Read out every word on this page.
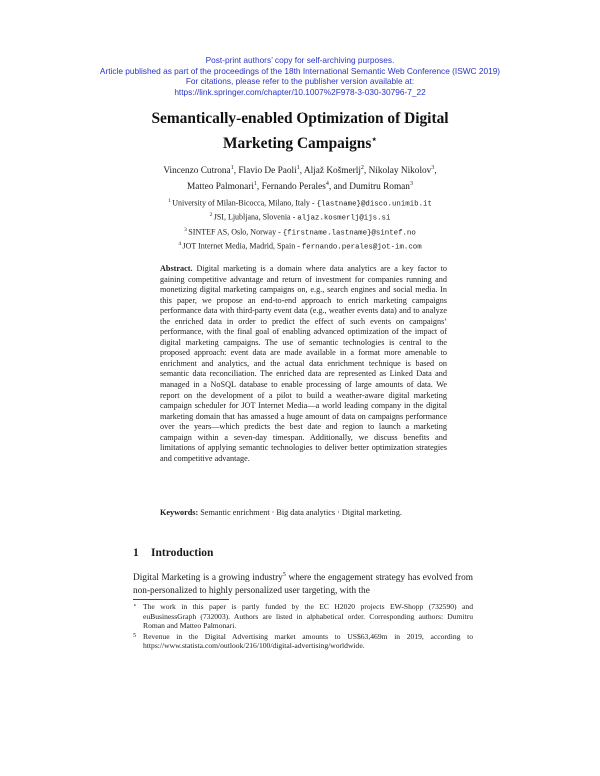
Post-print authors’ copy for self-archiving purposes.
Article published as part of the proceedings of the 18th International Semantic Web Conference (ISWC 2019)
For citations, please refer to the publisher version available at:
https://link.springer.com/chapter/10.1007%2F978-3-030-30796-7_22
Semantically-enabled Optimization of Digital
Marketing Campaigns⋆
Vincenzo Cutrona$^1$, Flavio De Paoli$^1$, Aljaž Košmerlj$^2$, Nikolay Nikolov$^3$,
Matteo Palmonari$^1$, Fernando Perales$^4$, and Dumitru Roman$^3$
$^1$ University of Milan-Bicocca, Milano, Italy - {lastname}@disco.unimib.it
$^2$ JSI, Ljubljana, Slovenia - aljaz.kosmerlj@ijs.si
$^3$ SINTEF AS, Oslo, Norway - {firstname.lastname}@sintef.no
$^4$ JOT Internet Media, Madrid, Spain - fernando.perales@jot-im.com
Abstract. Digital marketing is a domain where data analytics are a key factor to gaining competitive advantage and return of investment for companies running and monetizing digital marketing campaigns on, e.g., search engines and social media. In this paper, we propose an end-to-end approach to enrich marketing campaigns performance data with third-party event data (e.g., weather events data) and to analyze the enriched data in order to predict the effect of such events on campaigns’ performance, with the final goal of enabling advanced optimization of the impact of digital marketing campaigns. The use of semantic technologies is central to the proposed approach: event data are made available in a format more amenable to enrichment and analytics, and the actual data enrichment technique is based on semantic data reconciliation. The enriched data are represented as Linked Data and managed in a NoSQL database to enable processing of large amounts of data. We report on the development of a pilot to build a weather-aware digital marketing campaign scheduler for JOT Internet Media—a world leading company in the digital marketing domain that has amassed a huge amount of data on campaigns performance over the years—which predicts the best date and region to launch a marketing campaign within a seven-day timespan. Additionally, we discuss benefits and limitations of applying semantic technologies to deliver better optimization strategies and competitive advantage.
Keywords: Semantic enrichment · Big data analytics · Digital marketing.
1 Introduction
Digital Marketing is a growing industry$^5$ where the engagement strategy has evolved from non-personalized to highly personalized user targeting, with the
⋆ The work in this paper is partly funded by the EC H2020 projects EW-Shopp (732590) and euBusinessGraph (732003). Authors are listed in alphabetical order. Corresponding authors: Dumitru Roman and Matteo Palmonari.
5 Revenue in the Digital Advertising market amounts to US$63,469m in 2019, according to https://www.statista.com/outlook/216/100/digital-advertising/worldwide.
